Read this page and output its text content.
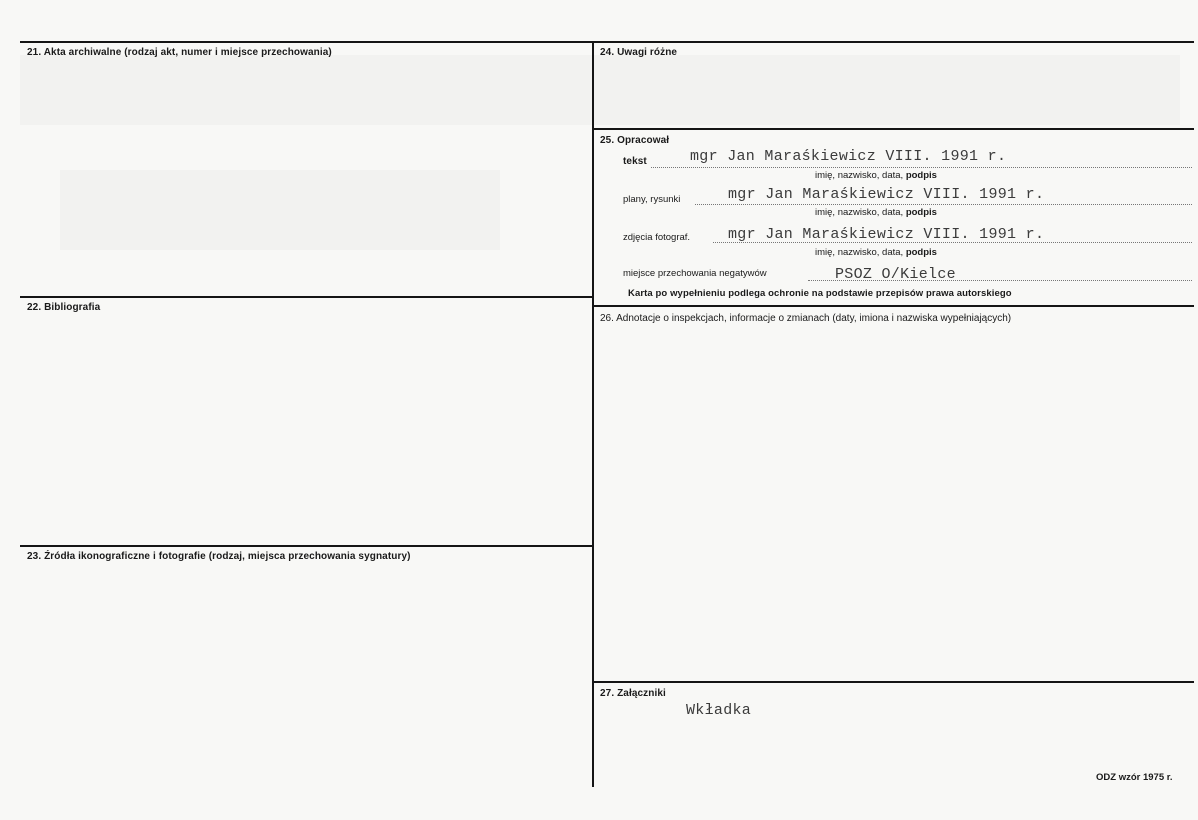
21. Akta archiwalne (rodzaj akt, numer i miejsce przechowania)
22. Bibliografia
23. Źródła ikonograficzne i fotografie (rodzaj, miejsca przechowania sygnatury)
24. Uwagi różne
25. Opracował
tekst	mgr Jan Maraśkiewicz VIII. 1991 r.
imię, nazwisko, data, podpis
plany, rysunki	mgr Jan Maraśkiewicz VIII. 1991 r.
imię, nazwisko, data, podpis
zdjęcia fotograf.	mgr Jan Maraśkiewicz VIII. 1991 r.
imię, nazwisko, data, podpis
miejsce przechowania negatywów	PSOZ O/Kielce
Karta po wypełnieniu podlega ochronie na podstawie przepisów prawa autorskiego
26. Adnotacje o inspekcjach, informacje o zmianach (daty, imiona i nazwiska wypełniających)
27. Załączniki
Wkładka
ODZ wzór 1975 r.
